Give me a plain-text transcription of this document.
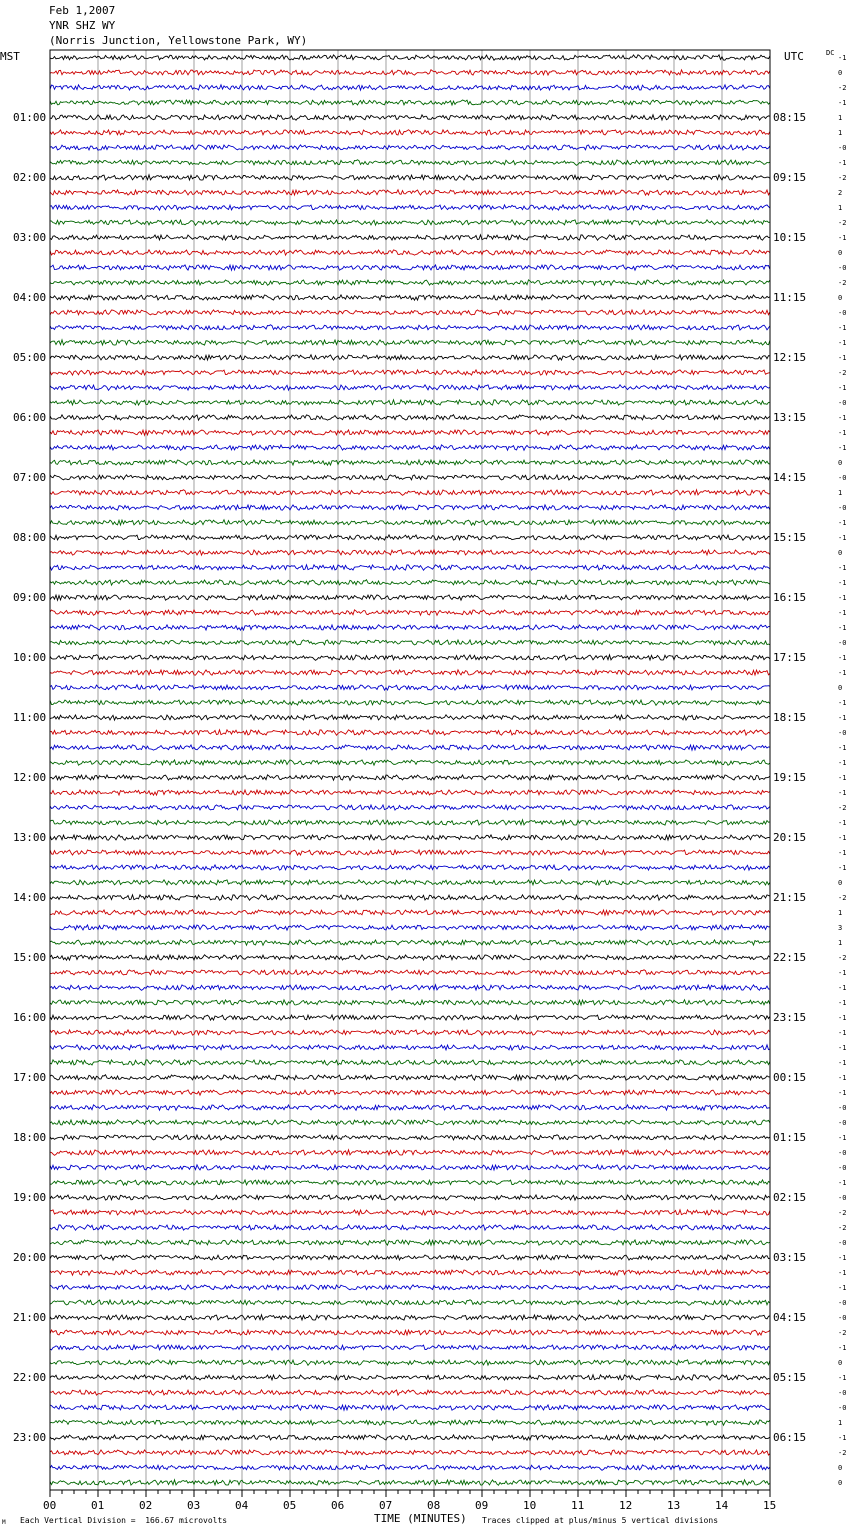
Feb 1,2007
YNR SHZ WY
(Norris Junction, Yellowstone Park, WY)
MST	UTC	DC
01:00
02:00
03:00
04:00
05:00
06:00
07:00
08:00
09:00
10:00
11:00
12:00
13:00
14:00
15:00
16:00
17:00
18:00
19:00
20:00
21:00
22:00
23:00
08:15
09:15
10:15
11:15
12:15
13:15
14:15
15:15
16:15
17:15
18:15
19:15
20:15
21:15
22:15
23:15
00:15
01:15
02:15
03:15
04:15
05:15
06:15
-1
0
-2
-1
1
1
-0
-1
-2
2
1
-2
-1
0
-0
-2
0
-0
-1
-1
-1
-2
-1
-0
-1
-1
-1
0
-0
1
-0
-1
-1
0
-1
-1
-1
-1
-1
-0
-1
-1
0
-1
-1
-0
-1
-1
-1
-1
-2
-1
-1
-1
-1
0
-2
1
3
1
-2
-1
-1
-1
-1
-1
-1
-1
-1
-1
-0
-0
-1
-0
-0
-1
-0
-2
-2
-0
-1
-1
-1
-0
-0
-2
-1
0
-1
-0
-0
1
-1
-2
0
0
00	01	02	03	04	05	06	07	08	09	10	11	12	13	14	15
M Each Vertical Division =  166.67 microvolts	TIME (MINUTES) Traces clipped at plus/minus 5 vertical divisions
